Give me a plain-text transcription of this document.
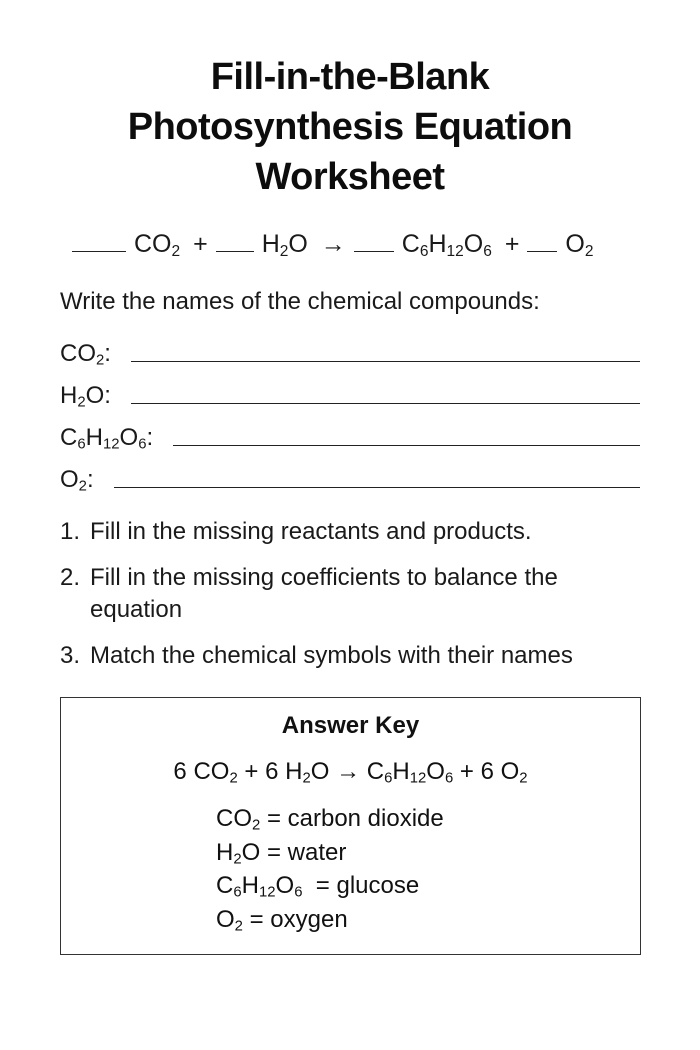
Fill-in-the-Blank
Photosynthesis Equation
Worksheet
$CO_2 + H_2O \to C_6H_{12}O_6 + O_2$
Write the names of the chemical compounds:
$CO_2$:
$H_2O$:
$C_6H_{12}O_6$:
$O_2$:
1. Fill in the missing reactants and products.
2. Fill in the missing coefficients to balance the equation
3. Match the chemical symbols with their names
Answer Key
6 $CO_2 + 6$ $H_2O \to C_6H_{12}O_6 + 6$ $O_2$
$CO_2$ = carbon dioxide
$H_2O$ = water
$C_6H_{12}O_6 = glucose$
$O_2$ = oxygen
